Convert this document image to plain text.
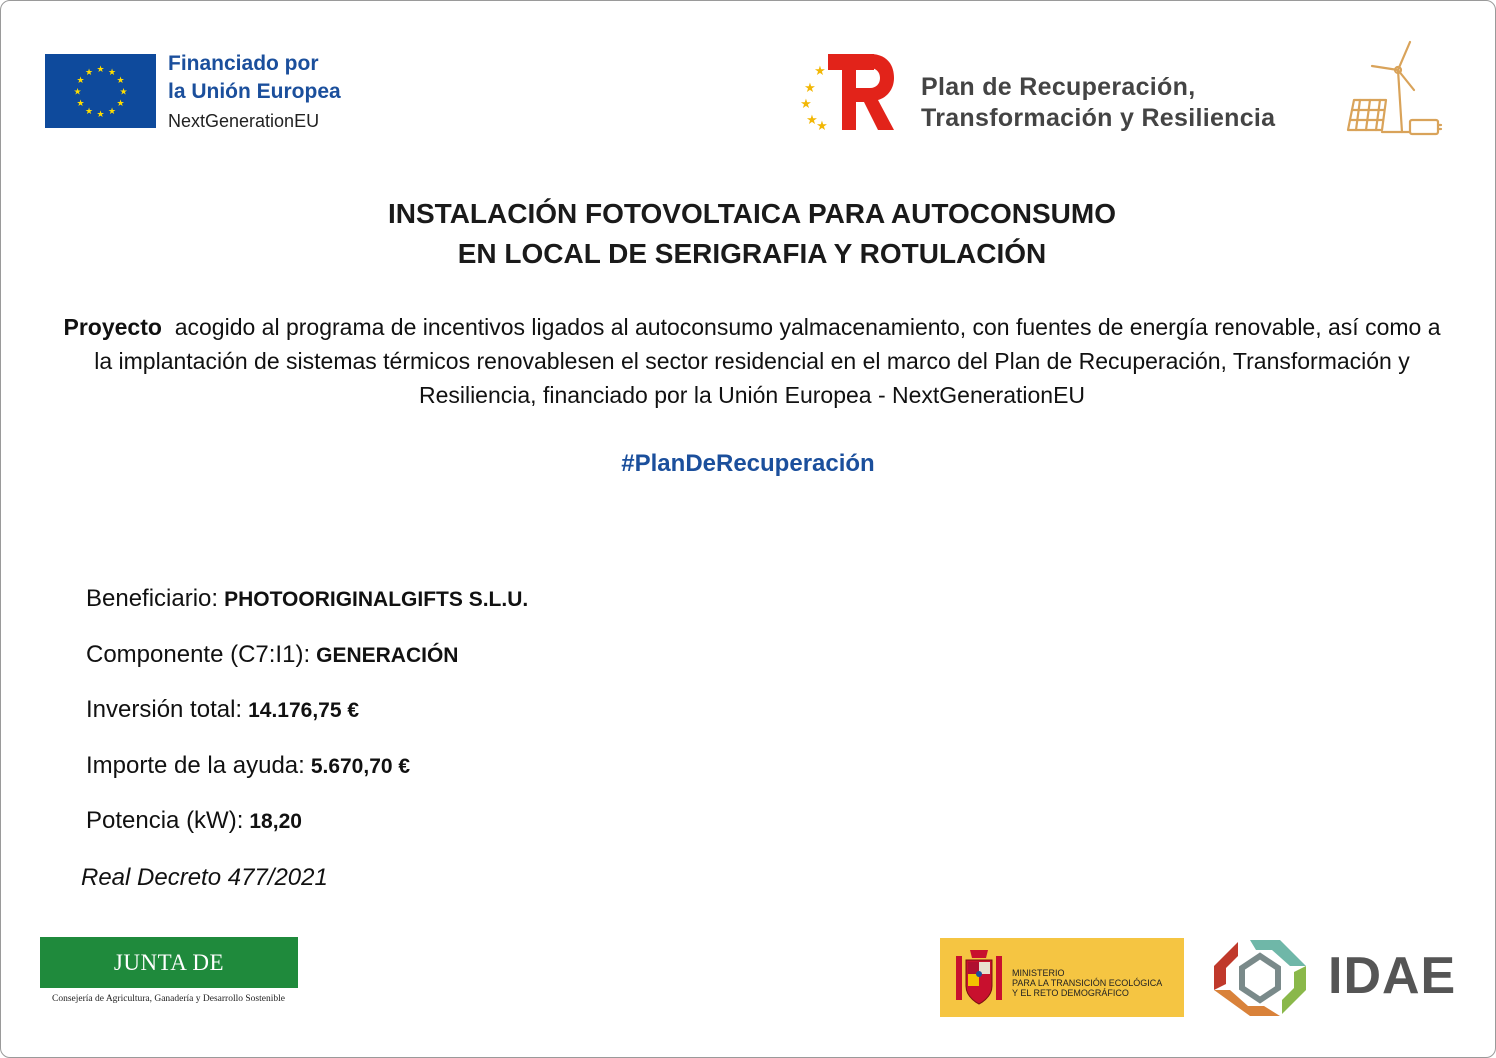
★ ★
★
★
★
★
★
★
★
★
★
★	Financiado por
la Unión Europea
NextGenerationEU
★
★
★
★
★
Plan de Recuperación,
Transformación y Resiliencia
INSTALACIÓN FOTOVOLTAICA PARA AUTOCONSUMO
EN LOCAL DE SERIGRAFIA Y ROTULACIÓN
Proyecto acogido al programa de incentivos ligados al autoconsumo yalmacenamiento, con fuentes de energía renovable, así como a la implantación de sistemas térmicos renovablesen el sector residencial en el marco del Plan de Recuperación, Transformación y Resiliencia, financiado por la Unión Europea - NextGenerationEU
#PlanDeRecuperación
Beneficiario: PHOTOORIGINALGIFTS S.L.U.
Componente (C7:I1): GENERACIÓN
Inversión total: 14.176,75 €
Importe de la ayuda: 5.670,70 €
Potencia (kW): 18,20
Real Decreto 477/2021
JUNTA DE EXTREMADURA
Consejería de Agricultura, Ganadería y Desarrollo Sostenible
MINISTERIO
PARA LA TRANSICIÓN ECOLÓGICA
Y EL RETO DEMOGRÁFICO	IDAE
